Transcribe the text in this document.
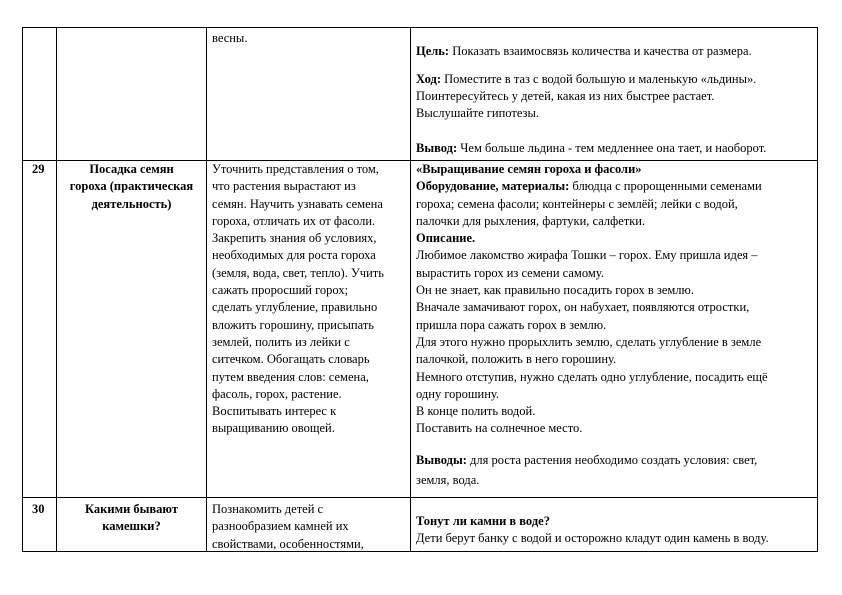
весны.
Цель: Показать взаимосвязь количества и качества от размера.
Ход: Поместите в таз с водой большую и маленькую «льдины».
Поинтересуйтесь у детей, какая из них быстрее растает.
Выслушайте гипотезы.
Вывод: Чем больше льдина - тем медленнее она тает, и наоборот.
29	Посадка семян
гороха (практическая
деятельность)
Уточнить представления о том,
что растения вырастают из
семян. Научить узнавать семена
гороха, отличать их от фасоли.
Закрепить знания об условиях,
необходимых для роста гороха
(земля, вода, свет, тепло). Учить
сажать проросший горох;
сделать углубление, правильно
вложить горошину, присыпать
землей, полить из лейки с
ситечком. Обогащать словарь
путем введения слов: семена,
фасоль, горох, растение.
Воспитывать интерес к
выращиванию овощей.
«Выращивание семян гороха и фасоли»
Оборудование, материалы: блюдца с пророщенными семенами
гороха; семена фасоли; контейнеры с землёй; лейки с водой,
палочки для рыхления, фартуки, салфетки.
Описание.
Любимое лакомство жирафа Тошки – горох. Ему пришла идея –
вырастить горох из семени самому.
Он не знает, как правильно посадить горох в землю.
Вначале замачивают горох, он набухает, появляются отростки,
пришла пора сажать горох в землю.
Для этого нужно прорыхлить землю, сделать углубление в земле
палочкой, положить в него горошину.
Немного отступив, нужно сделать одно углубление, посадить ещё
одну горошину.
В конце полить водой.
Поставить на солнечное место.
Выводы: для роста растения необходимо создать условия: свет,
земля, вода.
30	Какими бывают
камешки?
Познакомить детей с
разнообразием камней их
свойствами, особенностями,
Тонут ли камни в воде?
Дети берут банку с водой и осторожно кладут один камень в воду.
